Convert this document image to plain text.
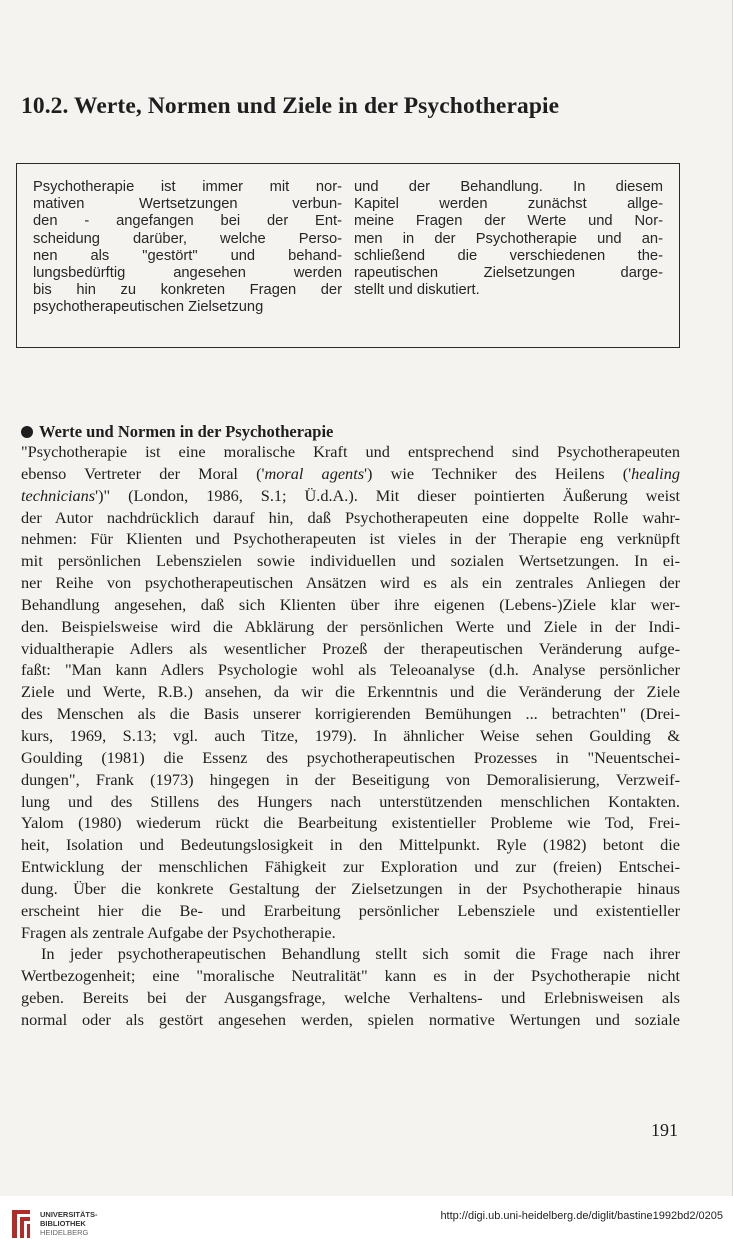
10.2. Werte, Normen und Ziele in der Psychotherapie
Psychotherapie ist immer mit nor-
mativen Wertsetzungen verbun-
den - angefangen bei der Ent-
scheidung darüber, welche Perso-
nen als "gestört" und behand-
lungsbedürftig angesehen werden
bis hin zu konkreten Fragen der
psychotherapeutischen Zielsetzung
und der Behandlung. In diesem
Kapitel werden zunächst allge-
meine Fragen der Werte und Nor-
men in der Psychotherapie und an-
schließend die verschiedenen the-
rapeutischen Zielsetzungen darge-
stellt und diskutiert.
Werte und Normen in der Psychotherapie
"Psychotherapie ist eine moralische Kraft und entsprechend sind Psychotherapeuten
ebenso Vertreter der Moral ('moral agents') wie Techniker des Heilens ('healing
technicians')" (London, 1986, S.1; Ü.d.A.). Mit dieser pointierten Äußerung weist
der Autor nachdrücklich darauf hin, daß Psychotherapeuten eine doppelte Rolle wahr-
nehmen: Für Klienten und Psychotherapeuten ist vieles in der Therapie eng verknüpft
mit persönlichen Lebenszielen sowie individuellen und sozialen Wertsetzungen. In ei-
ner Reihe von psychotherapeutischen Ansätzen wird es als ein zentrales Anliegen der
Behandlung angesehen, daß sich Klienten über ihre eigenen (Lebens-)Ziele klar wer-
den. Beispielsweise wird die Abklärung der persönlichen Werte und Ziele in der Indi-
vidualtherapie Adlers als wesentlicher Prozeß der therapeutischen Veränderung aufge-
faßt: "Man kann Adlers Psychologie wohl als Teleoanalyse (d.h. Analyse persönlicher
Ziele und Werte, R.B.) ansehen, da wir die Erkenntnis und die Veränderung der Ziele
des Menschen als die Basis unserer korrigierenden Bemühungen ... betrachten" (Drei-
kurs, 1969, S.13; vgl. auch Titze, 1979). In ähnlicher Weise sehen Goulding &
Goulding (1981) die Essenz des psychotherapeutischen Prozesses in "Neuentschei-
dungen", Frank (1973) hingegen in der Beseitigung von Demoralisierung, Verzweif-
lung und des Stillens des Hungers nach unterstützenden menschlichen Kontakten.
Yalom (1980) wiederum rückt die Bearbeitung existentieller Probleme wie Tod, Frei-
heit, Isolation und Bedeutungslosigkeit in den Mittelpunkt. Ryle (1982) betont die
Entwicklung der menschlichen Fähigkeit zur Exploration und zur (freien) Entschei-
dung. Über die konkrete Gestaltung der Zielsetzungen in der Psychotherapie hinaus
erscheint hier die Be- und Erarbeitung persönlicher Lebensziele und existentieller
Fragen als zentrale Aufgabe der Psychotherapie.
In jeder psychotherapeutischen Behandlung stellt sich somit die Frage nach ihrer
Wertbezogenheit; eine "moralische Neutralität" kann es in der Psychotherapie nicht
geben. Bereits bei der Ausgangsfrage, welche Verhaltens- und Erlebnisweisen als
normal oder als gestört angesehen werden, spielen normative Wertungen und soziale
191
UNIVERSITÄTS-
BIBLIOTHEK
HEIDELBERG
http://digi.ub.uni-heidelberg.de/diglit/bastine1992bd2/0205
